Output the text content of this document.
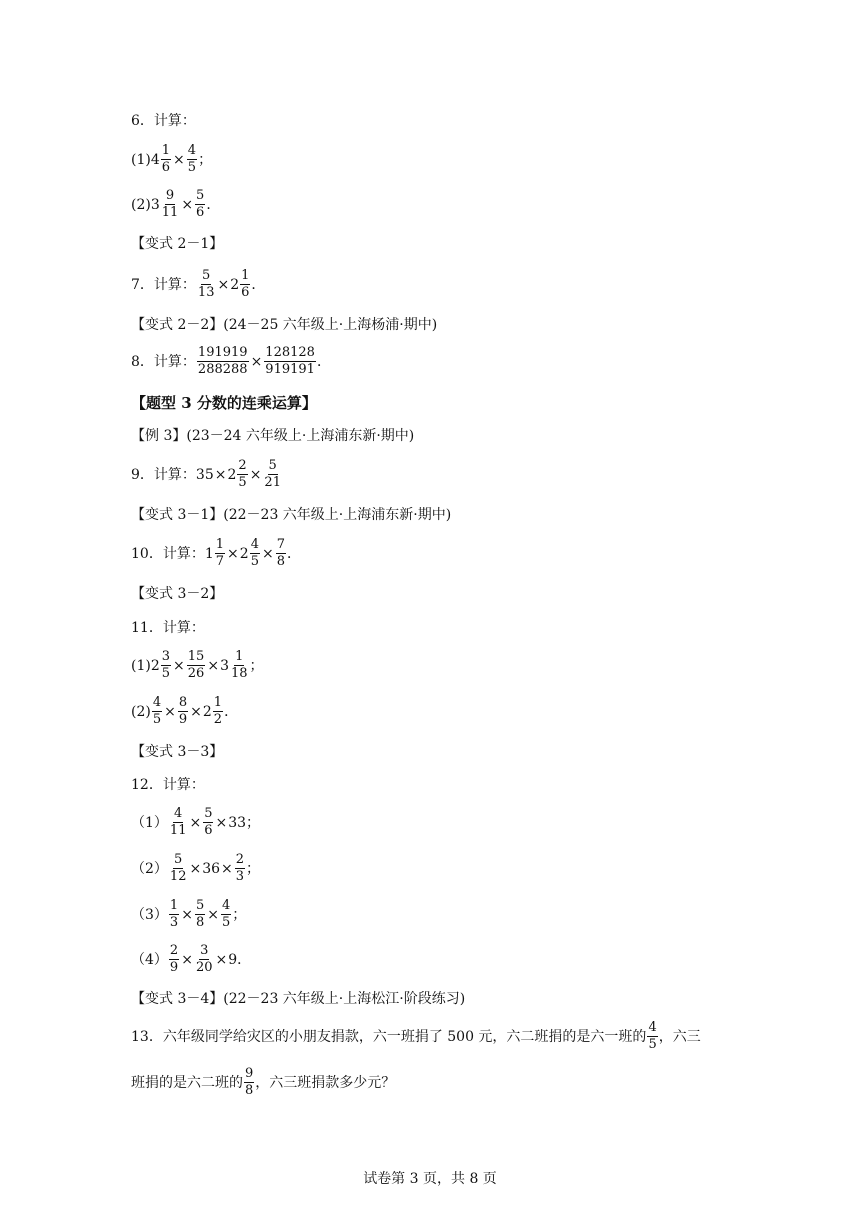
6．计算：
(1) $4 \frac{1}{6} \times \frac{4}{5}$ ；
(2) $3 \frac{9}{11} \times \frac{5}{6}$ ．
【变式 2－1】
7．计算： $\frac{5}{13} \times 2 \frac{1}{6}$ ．
【变式 2－2】(24－25 六年级上·上海杨浦·期中)
8．计算： $\frac{191919}{288288} \times \frac{128128}{919191}$ ．
【题型 3 分数的连乘运算】
【例 3】(23－24 六年级上·上海浦东新·期中)
9．计算： $35 \times 2 \frac{2}{5} \times \frac{5}{21}$
【变式 3－1】(22－23 六年级上·上海浦东新·期中)
10．计算： $1 \frac{1}{7} \times 2 \frac{4}{5} \times \frac{7}{8}$ ．
【变式 3－2】
11．计算：
(1) $2 \frac{3}{5} \times \frac{15}{26} \times 3 \frac{1}{18}$ ；
$(2) \frac{4}{5} \times \frac{8}{9} \times 2 \frac{1}{2}$ ．
【变式 3－3】
12．计算：
$(1) \frac{4}{11} \times \frac{5}{6} \times 33$；
$(2) \frac{5}{12} \times 36 \times \frac{2}{3}$ ；
$(3) \frac{1}{3} \times \frac{5}{8} \times \frac{4}{5}$ ；
$(4) \frac{2}{9} \times \frac{3}{20} \times 9$．
【变式 3－4】(22－23 六年级上·上海松江·阶段练习)
13．六年级同学给灾区的小朋友捐款，六一班捐了 500 元，六二班捐的是六一班的 $\frac{4}{5}$ ，六三
班捐的是六二班的 $\frac{9}{8}$ ，六三班捐款多少元？
试卷第 3 页，共 8 页
